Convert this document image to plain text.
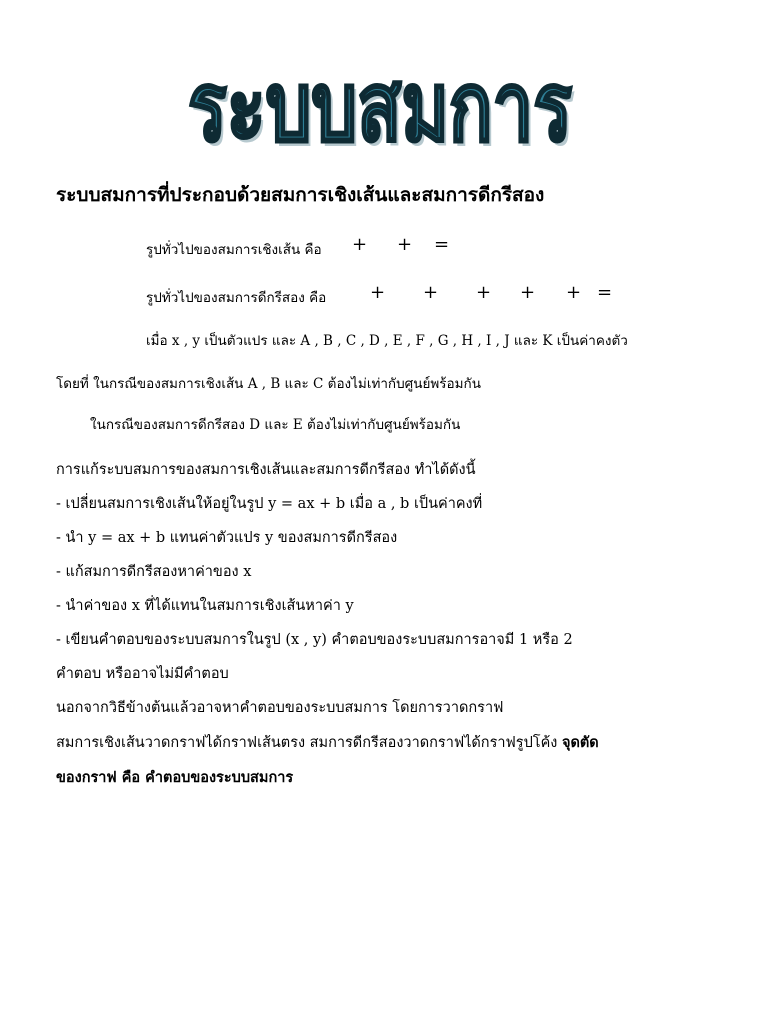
ระบบสมการ
ระบบสมการ
ระบบสมการที่ประกอบด้วยสมการเชิงเส้นและสมการดีกรีสอง
รูปทั่วไปของสมการเชิงเส้น คือ + + =
รูปทั่วไปของสมการดีกรีสอง คือ + + + + + =
เมื่อ x , y เป็นตัวแปร และ A , B , C , D , E , F , G , H , I , J และ K เป็นค่าคงตัว
โดยที่ ในกรณีของสมการเชิงเส้น A , B และ C ต้องไม่เท่ากับศูนย์พร้อมกัน
ในกรณีของสมการดีกรีสอง D และ E ต้องไม่เท่ากับศูนย์พร้อมกัน
การแก้ระบบสมการของสมการเชิงเส้นและสมการดีกรีสอง ทำได้ดังนี้
- เปลี่ยนสมการเชิงเส้นให้อยู่ในรูป y = ax + b เมื่อ a , b เป็นค่าคงที่
- นำ y = ax + b แทนค่าตัวแปร y ของสมการดีกรีสอง
- แก้สมการดีกรีสองหาค่าของ x
- นำค่าของ x ที่ได้แทนในสมการเชิงเส้นหาค่า y
- เขียนคำตอบของระบบสมการในรูป (x , y) คำตอบของระบบสมการอาจมี 1 หรือ 2
คำตอบ หรืออาจไม่มีคำตอบ
นอกจากวิธีข้างต้นแล้วอาจหาคำตอบของระบบสมการ โดยการวาดกราฟ
สมการเชิงเส้นวาดกราฟได้กราฟเส้นตรง สมการดีกรีสองวาดกราฟได้กราฟรูปโค้ง จุดตัด
ของกราฟ คือ คำตอบของระบบสมการ
